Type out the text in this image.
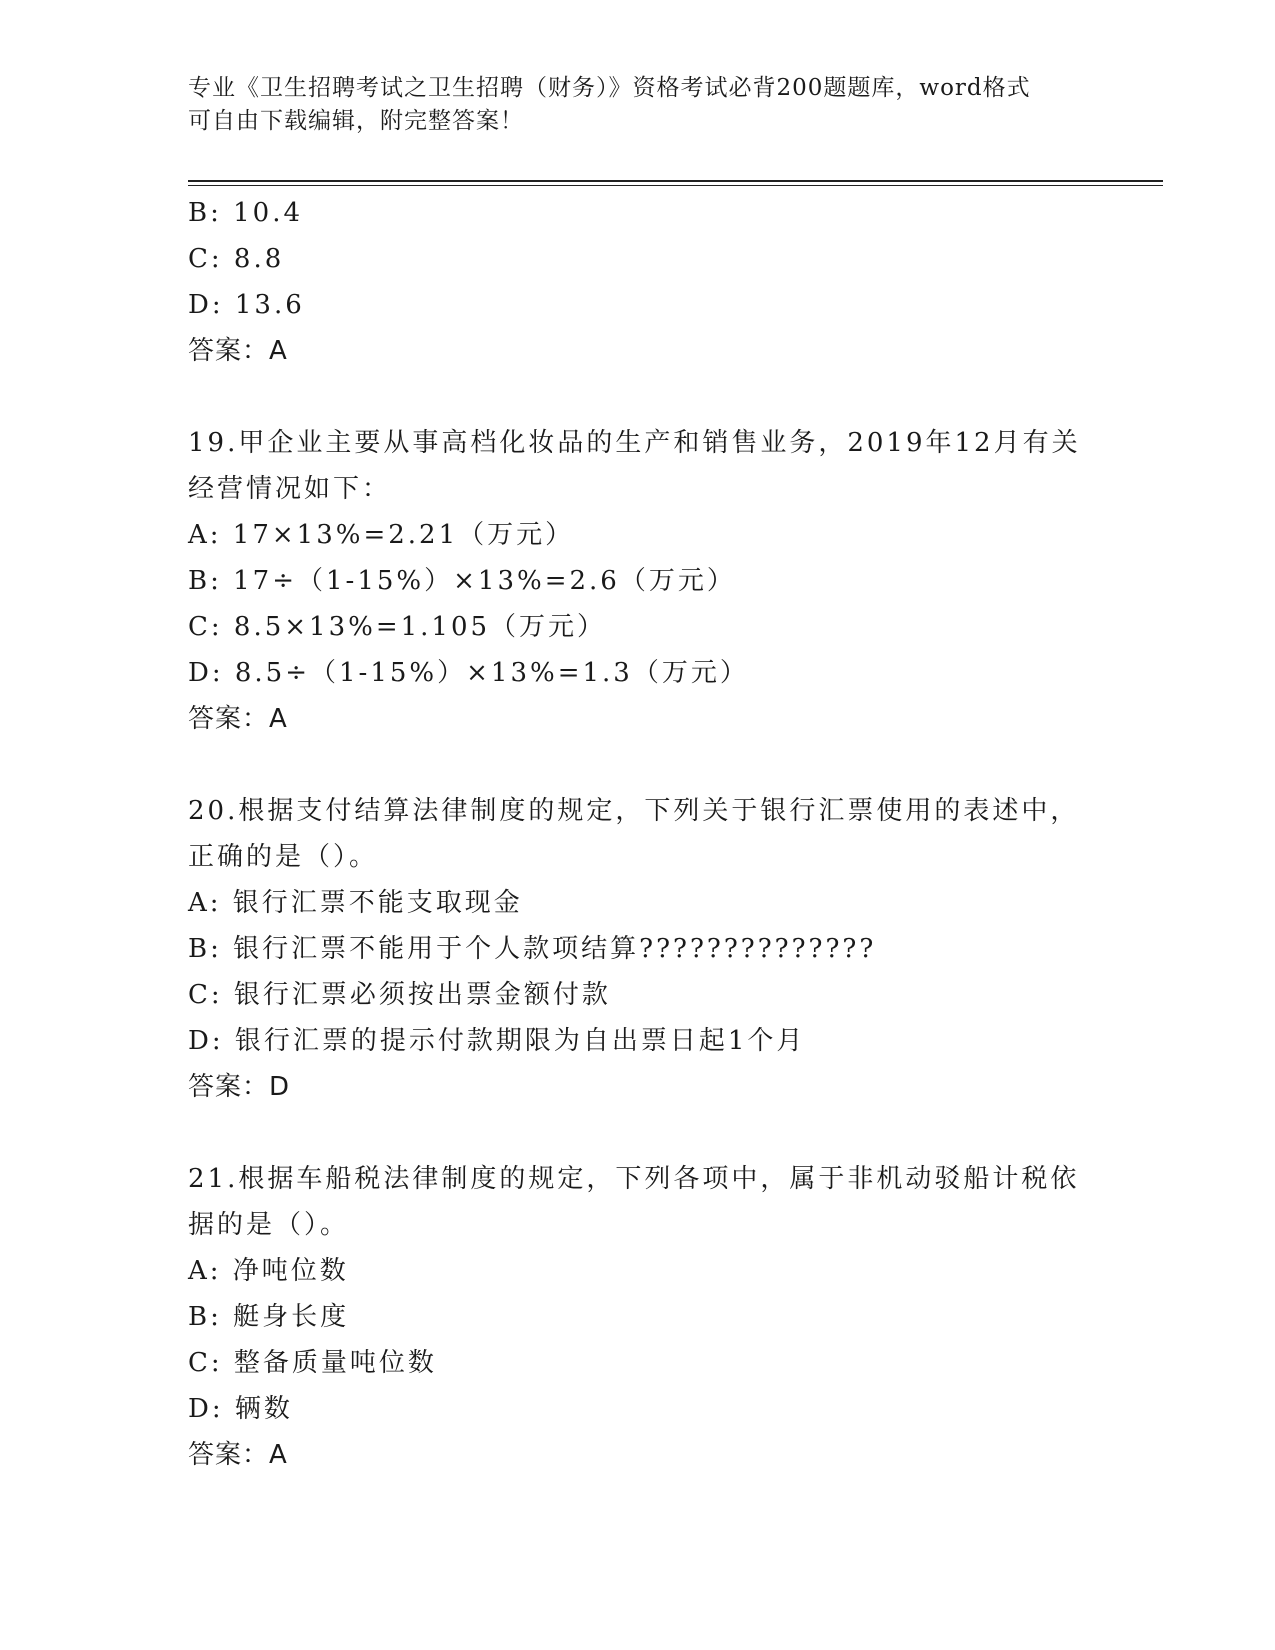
专业《卫生招聘考试之卫生招聘（财务）》资格考试必背200题题库，word格式
可自由下载编辑，附完整答案！
B: 10.4
C: 8.8
D: 13.6
答案：A
19.甲企业主要从事高档化妆品的生产和销售业务，2019年12月有关
经营情况如下：
A: 17×13%=2.21（万元）
B: 17÷（1-15%）×13%=2.6（万元）
C: 8.5×13%=1.105（万元）
D: 8.5÷（1-15%）×13%=1.3（万元）
答案：A
20.根据支付结算法律制度的规定，下列关于银行汇票使用的表述中，
正确的是（）。
A: 银行汇票不能支取现金
B: 银行汇票不能用于个人款项结算??????????????
C: 银行汇票必须按出票金额付款
D: 银行汇票的提示付款期限为自出票日起1个月
答案：D
21.根据车船税法律制度的规定，下列各项中，属于非机动驳船计税依
据的是（）。
A: 净吨位数
B: 艇身长度
C: 整备质量吨位数
D: 辆数
答案：A
